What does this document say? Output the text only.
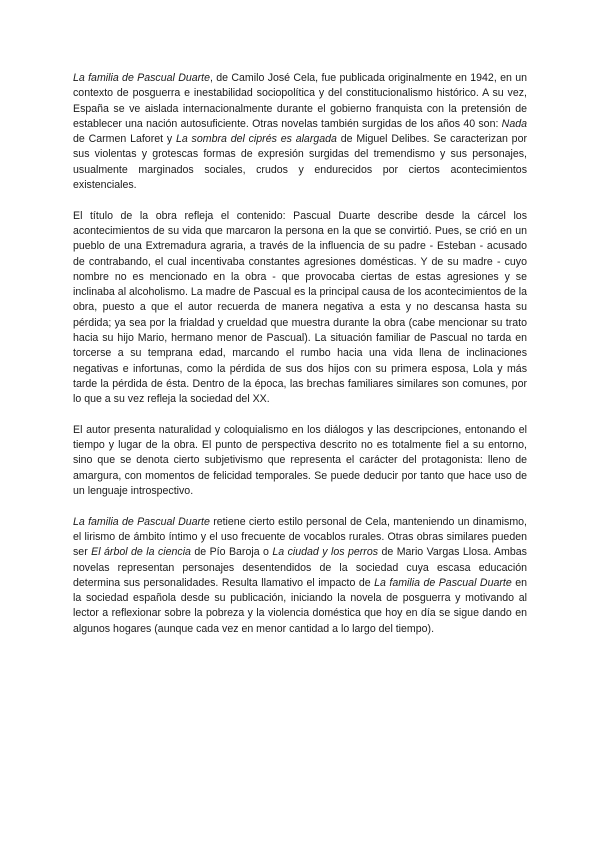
La familia de Pascual Duarte, de Camilo José Cela, fue publicada originalmente en 1942, en un contexto de posguerra e inestabilidad sociopolítica y del constitucionalismo histórico. A su vez, España se ve aislada internacionalmente durante el gobierno franquista con la pretensión de establecer una nación autosuficiente. Otras novelas también surgidas de los años 40 son: Nada de Carmen Laforet y La sombra del ciprés es alargada de Miguel Delibes. Se caracterizan por sus violentas y grotescas formas de expresión surgidas del tremendismo y sus personajes, usualmente marginados sociales, crudos y endurecidos por ciertos acontecimientos existenciales.

El título de la obra refleja el contenido: Pascual Duarte describe desde la cárcel los acontecimientos de su vida que marcaron la persona en la que se convirtió. Pues, se crió en un pueblo de una Extremadura agraria, a través de la influencia de su padre - Esteban - acusado de contrabando, el cual incentivaba constantes agresiones domésticas. Y de su madre - cuyo nombre no es mencionado en la obra - que provocaba ciertas de estas agresiones y se inclinaba al alcoholismo. La madre de Pascual es la principal causa de los acontecimientos de la obra, puesto a que el autor recuerda de manera negativa a esta y no descansa hasta su pérdida; ya sea por la frialdad y crueldad que muestra durante la obra (cabe mencionar su trato hacia su hijo Mario, hermano menor de Pascual). La situación familiar de Pascual no tarda en torcerse a su temprana edad, marcando el rumbo hacia una vida llena de inclinaciones negativas e infortunas, como la pérdida de sus dos hijos con su primera esposa, Lola y más tarde la pérdida de ésta. Dentro de la época, las brechas familiares similares son comunes, por lo que a su vez refleja la sociedad del XX.

El autor presenta naturalidad y coloquialismo en los diálogos y las descripciones, entonando el tiempo y lugar de la obra. El punto de perspectiva descrito no es totalmente fiel a su entorno, sino que se denota cierto subjetivismo que representa el carácter del protagonista: lleno de amargura, con momentos de felicidad temporales. Se puede deducir por tanto que hace uso de un lenguaje introspectivo.

La familia de Pascual Duarte retiene cierto estilo personal de Cela, manteniendo un dinamismo, el lirismo de ámbito íntimo y el uso frecuente de vocablos rurales. Otras obras similares pueden ser El árbol de la ciencia de Pío Baroja o La ciudad y los perros de Mario Vargas Llosa. Ambas novelas representan personajes desentendidos de la sociedad cuya escasa educación determina sus personalidades. Resulta llamativo el impacto de La familia de Pascual Duarte en la sociedad española desde su publicación, iniciando la novela de posguerra y motivando al lector a reflexionar sobre la pobreza y la violencia doméstica que hoy en día se sigue dando en algunos hogares (aunque cada vez en menor cantidad a lo largo del tiempo).
